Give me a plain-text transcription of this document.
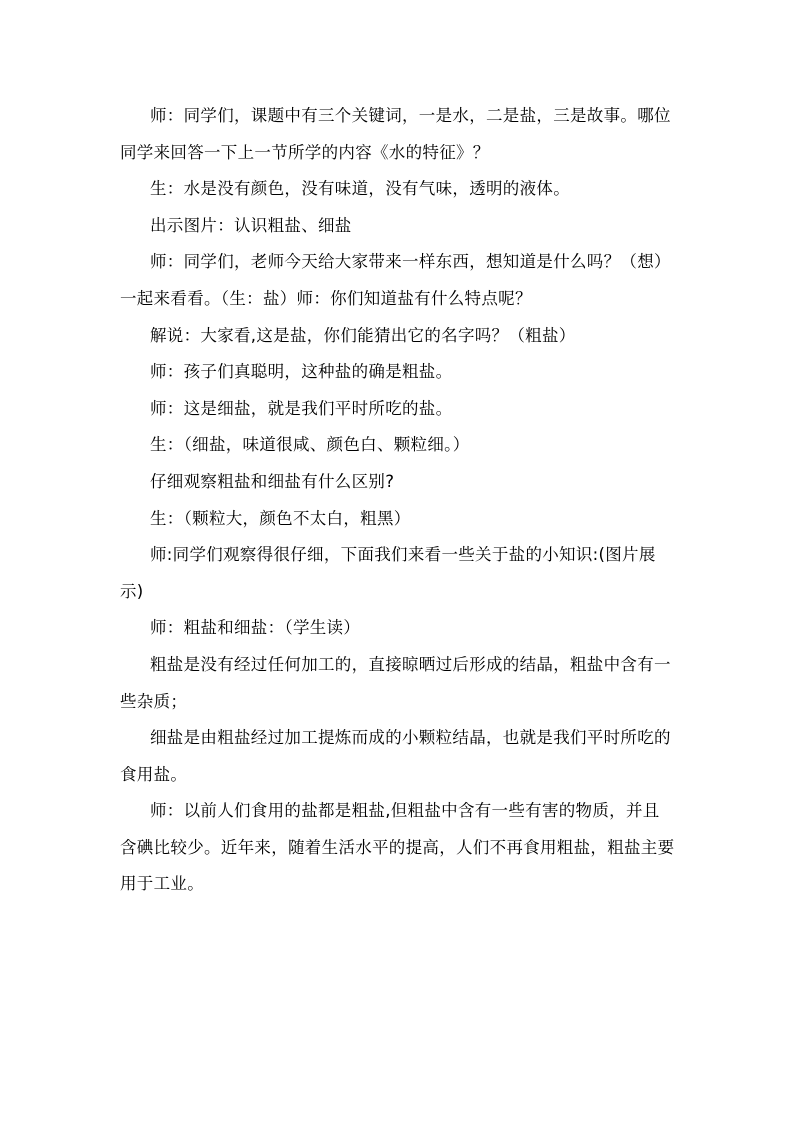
师：同学们，课题中有三个关键词，一是水，二是盐，三是故事。哪位同学来回答一下上一节所学的内容《水的特征》？

生：水是没有颜色，没有味道，没有气味，透明的液体。

出示图片：认识粗盐、细盐

师：同学们，老师今天给大家带来一样东西，想知道是什么吗？（想）一起来看看。（生：盐）师：你们知道盐有什么特点呢？

解说：大家看,这是盐，你们能猜出它的名字吗？（粗盐）

师：孩子们真聪明，这种盐的确是粗盐。

师：这是细盐，就是我们平时所吃的盐。

生：（细盐，味道很咸、颜色白、颗粒细。）

仔细观察粗盐和细盐有什么区别?

生：（颗粒大，颜色不太白，粗黑）

师:同学们观察得很仔细，下面我们来看一些关于盐的小知识:(图片展示)

师：粗盐和细盐：（学生读）

粗盐是没有经过任何加工的，直接晾晒过后形成的结晶，粗盐中含有一些杂质；

细盐是由粗盐经过加工提炼而成的小颗粒结晶，也就是我们平时所吃的食用盐。

师：以前人们食用的盐都是粗盐,但粗盐中含有一些有害的物质，并且含碘比较少。近年来，随着生活水平的提高，人们不再食用粗盐，粗盐主要用于工业。
